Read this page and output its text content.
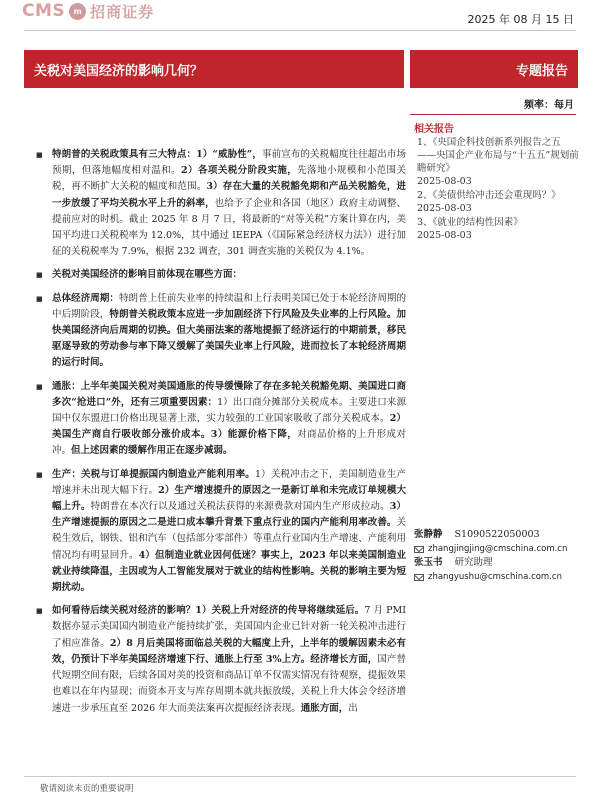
CMS	m 招商证券	2025 年 08 月 15 日
关税对美国经济的影响几何？	专题报告
频率：每月
相关报告
1、《央国企科技创新系列报告之五——央国企产业布局与“十五五”规划前瞻研究》
2025-08-03
2、《美债供给冲击还会重现吗？》
2025-08-03
3、《就业的结构性因素》
2025-08-03
张静静 S1090522050003
zhangjingjing@cmschina.com.cn
张玉书 研究助理
zhangyushu@cmschina.com.cn

■ 特朗普的关税政策具有三大特点：1）“威胁性”，事前宣布的关税幅度往往超出市场预期，但落地幅度相对温和。2）各项关税分阶段实施，先落地小规模和小范围关税，再不断扩大关税的幅度和范围。3）存在大量的关税豁免期和产品关税豁免，进一步放缓了平均关税水平上升的斜率，也给予了企业和各国（地区）政府主动调整、提前应对的时机。截止 2025 年 8 月 7 日，将最新的“对等关税”方案计算在内，美国平均进口关税税率为 12.0%，其中通过 IEEPA（《国际紧急经济权力法》）进行加征的关税税率为 7.9%，根据 232 调查，301 调查实施的关税仅为 4.1%。

■ 关税对美国经济的影响目前体现在哪些方面：

■ 总体经济周期：特朗普上任前失业率的持续温和上行表明美国已处于本轮经济周期的中后期阶段，特朗普关税政策本应进一步加剧经济下行风险及失业率的上行风险。加快美国经济向后周期的切换。但大美丽法案的落地提振了经济运行的中期前景，移民驱逐导致的劳动参与率下降又缓解了美国失业率上行风险，进而拉长了本轮经济周期的运行时间。

■ 通胀：上半年美国关税对美国通胀的传导缓慢除了存在多轮关税豁免期、美国进口商多次“抢进口”外，还有三项重要因素：1）出口商分摊部分关税成本。主要进口来源国中仅东盟进口价格出现显著上涨，实力较强的工业国家吸收了部分关税成本。2）美国生产商自行吸收部分涨价成本。3）能源价格下降，对商品价格的上升形成对冲。但上述因素的缓解作用正在逐步减弱。

■ 生产：关税与订单提振国内制造业产能利用率。1）关税冲击之下，美国制造业生产增速并未出现大幅下行。2）生产增速提升的原因之一是新订单和未完成订单规模大幅上升。特朗普在本次行以及通过关税法获得的来源费款对国内生产形成拉动。3）生产增速提振的原因之二是进口成本攀升背景下重点行业的国内产能利用率改善。关税生效后，钢铁、铝和汽车（包括部分零部件）等重点行业国内生产增速、产能利用情况均有明显回升。4）但制造业就业因何低迷？事实上，2023 年以来美国制造业就业持续降温，主因或为人工智能发展对于就业的结构性影响。关税的影响主要为短期扰动。

■ 如何看待后续关税对经济的影响？1）关税上升对经济的传导将继续延后。7 月 PMI 数据亦显示美国国内制造业产能持续扩张，美国国内企业已针对新一轮关税冲击进行了相应准备。2）8 月后美国将面临总关税的大幅度上升，上半年的缓解因素未必有效，仍预计下半年美国经济增速下行、通胀上行至 3%上方。经济增长方面，国产替代短期空间有限，后续各国对美的投资和商品订单不仅需实情况有待观察，提振效果也难以在年内显现；而资本开支与库存周期本就共振放缓，关税上升大体会令经济增速进一步承压直至 2026 年大而美法案再次提振经济表现。通胀方面，出

敬请阅读末页的重要说明
